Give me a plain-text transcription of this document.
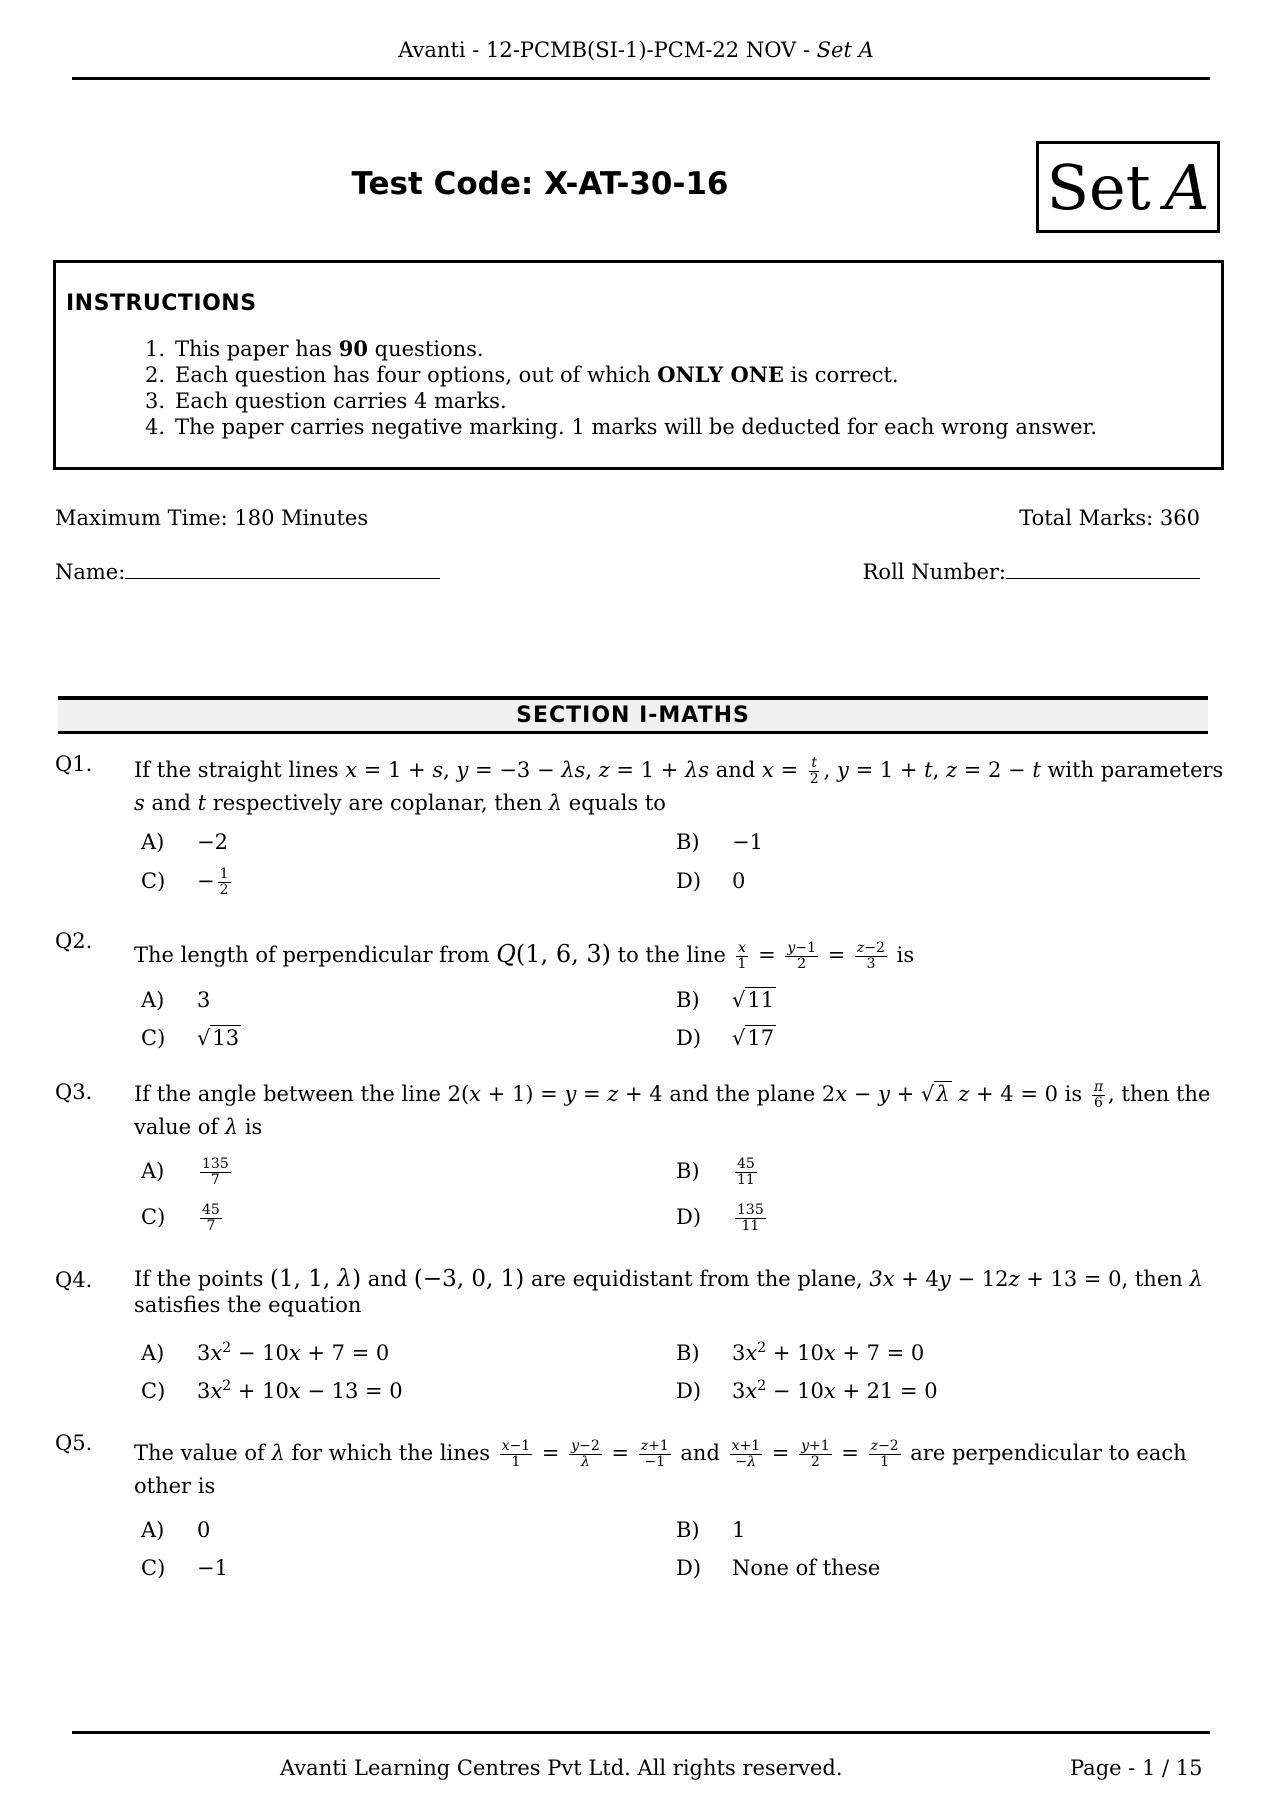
Avanti - 12-PCMB(SI-1)-PCM-22 NOV - Set A
Test Code: X-AT-30-16	Set A
INSTRUCTIONS
1. This paper has 90 questions.
2. Each question has four options, out of which ONLY ONE is correct.
3. Each question carries 4 marks.
4. The paper carries negative marking. 1 marks will be deducted for each wrong answer.
Maximum Time: 180 Minutes	Total Marks: 360
Name:	Roll Number:
SECTION I-MATHS
Q1. If the straight lines x = 1 + s, y = −3 − λs, z = 1 + λs and $x = \frac{t}{2}$ , y = 1 + t, z = 2 − t with parameters s and t respectively are coplanar, then λ equals to
A) −2	B) −1
$C) - \frac{1}{2}$	D) 0
Q2.
The length of perpendicular from Q(1, 6, 3) to the line $\frac{x}{1} = \frac{y-1}{2} = \frac{z-2}{3}$ is
A) 3	B) √11
C) √13	D) √17
Q3. If the angle between the line 2(x + 1) = y = z + 4 and the plane 2x − y + √λ z + 4 = 0 is $\frac{\pi}{6}$ , then the value of λ is
A)	$\frac{135}{7}$	B)	$\frac{45}{11}$
$C) \frac{45}{7}$	$D) \frac{135}{11}$
Q4. If the points (1, 1, λ) and (−3, 0, 1) are equidistant from the plane, 3x + 4y − 12z + 13 = 0, then λ
satisfies the equation
A) $3x^2 - 10x + 7 = 0$	B) $3x^2 + 10x + 7 = 0$
C) $3x^2 + 10x - 13 = 0$	D) $3x^2 - 10x + 21 = 0$
Q5. The value of λ for which the lines $\frac{x-1}{1} = \frac{y-2}{\lambda} = \frac{z+1}{-1}$ and $\frac{x+1}{-\lambda} = \frac{y+1}{2} = \frac{z-2}{1}$ are perpendicular to each other is
A) 0	B) 1
C) −1	D) None of these
Avanti Learning Centres Pvt Ltd. All rights reserved.	Page - 1 / 15
